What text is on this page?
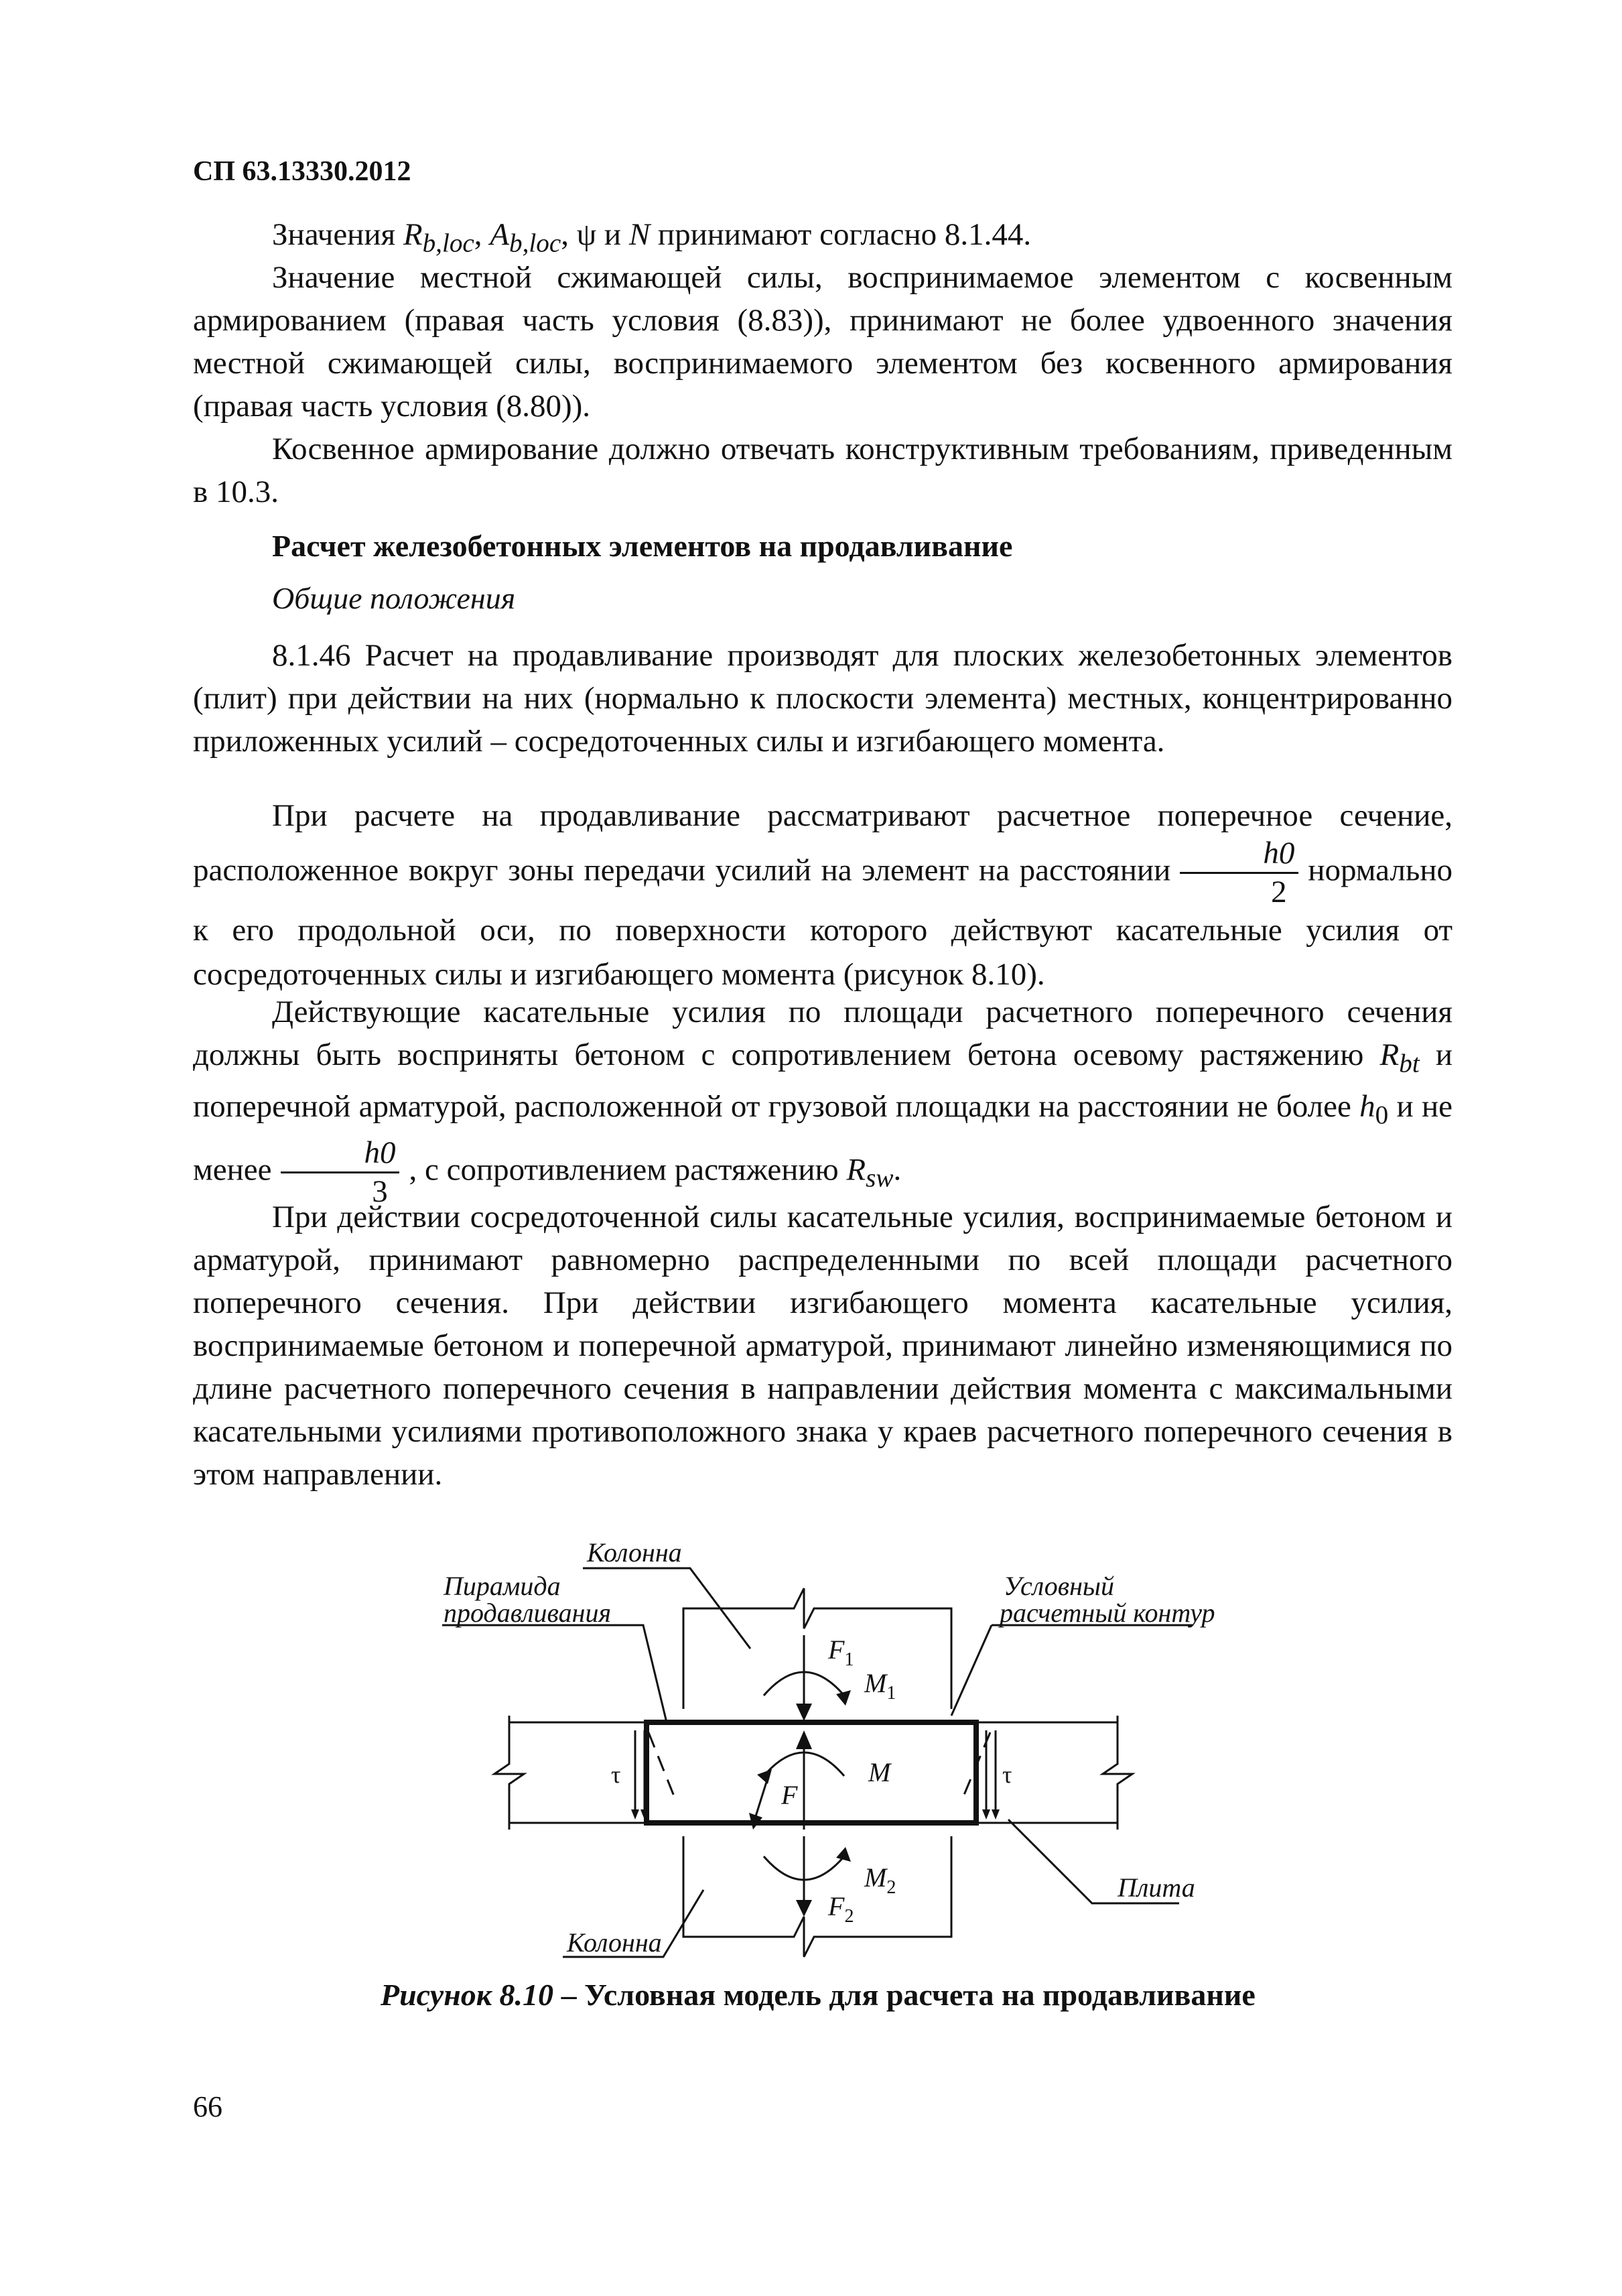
СП 63.13330.2012

Значения $R_{b,loc}$, $A_{b,loc}$, ψ и N принимают согласно 8.1.44.

Значение местной сжимающей силы, воспринимаемое элементом с косвенным армированием (правая часть условия (8.83)), принимают не более удвоенного значения местной сжимающей силы, воспринимаемого элементом без косвенного армирования (правая часть условия (8.80)).

Косвенное армирование должно отвечать конструктивным требованиям, приведенным в 10.3.

Расчет железобетонных элементов на продавливание
Общие положения

8.1.46 Расчет на продавливание производят для плоских железобетонных элементов (плит) при действии на них (нормально к плоскости элемента) местных, концентрированно приложенных усилий – сосредоточенных силы и изгибающего момента.

При расчете на продавливание рассматривают расчетное поперечное сечение, расположенное вокруг зоны передачи усилий на элемент на расстоянии $\frac{h0}{2}$ нормально к его продольной оси, по поверхности которого действуют касательные усилия от сосредоточенных силы и изгибающего момента (рисунок 8.10).

Действующие касательные усилия по площади расчетного поперечного сечения должны быть восприняты бетоном с сопротивлением бетона осевому растяжению $R_{bt}$ и поперечной арматурой, расположенной от грузовой площадки на расстоянии не более $h_0$ и не менее $\frac{h0}{3}$ , с сопротивлением растяжению $R_{sw}$.

При действии сосредоточенной силы касательные усилия, воспринимаемые бетоном и арматурой, принимают равномерно распределенными по всей площади расчетного поперечного сечения. При действии изгибающего момента касательные усилия, воспринимаемые бетоном и поперечной арматурой, принимают линейно изменяющимися по длине расчетного поперечного сечения в направлении действия момента с максимальными касательными усилиями противоположного знака у краев расчетного поперечного сечения в этом направлении.

Колонна
Пирамида
продавливания
Условный
расчетный контур
Плита
Колонна
$F_1$
$M_1$
F
M
$M_2$
$F_2$
τ	τ
Рисунок 8.10 – Условная модель для расчета на продавливание
66
